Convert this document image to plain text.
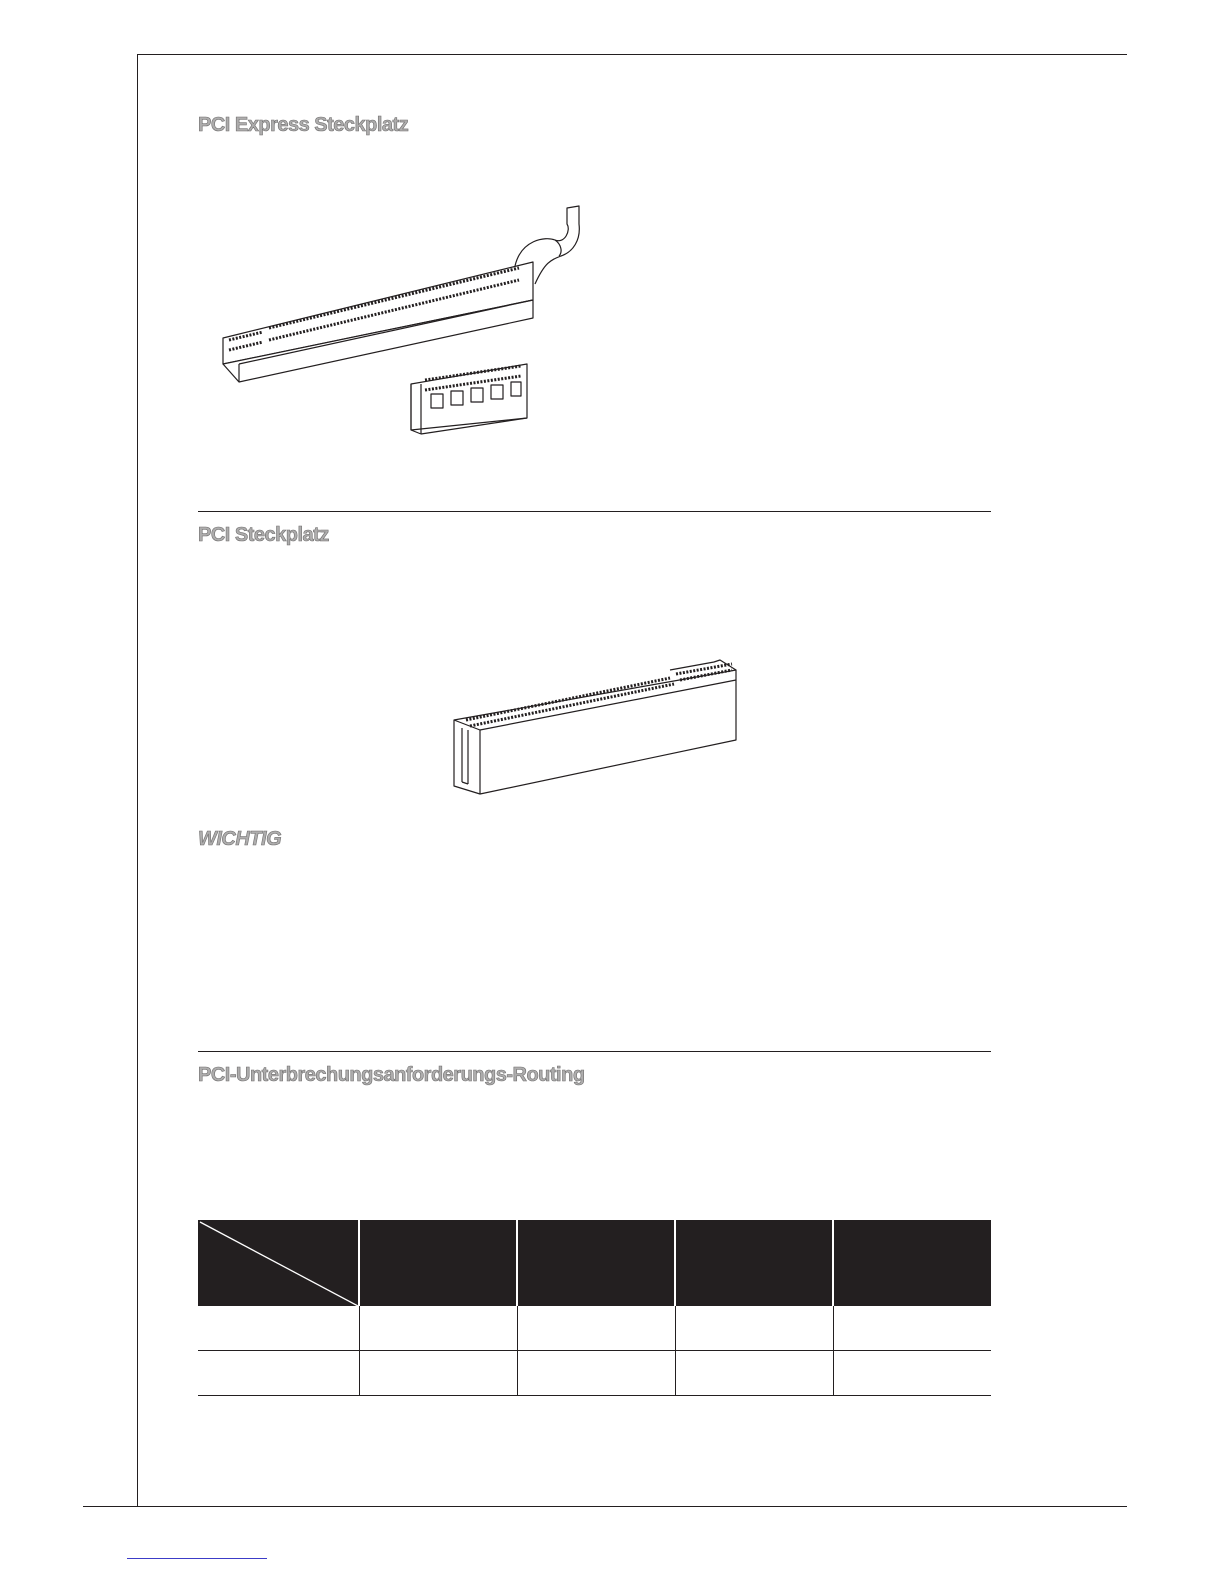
PCI Express Steckplatz
PCI Steckplatz
WICHTIG
PCI-Unterbrechungsanforderungs-Routing
